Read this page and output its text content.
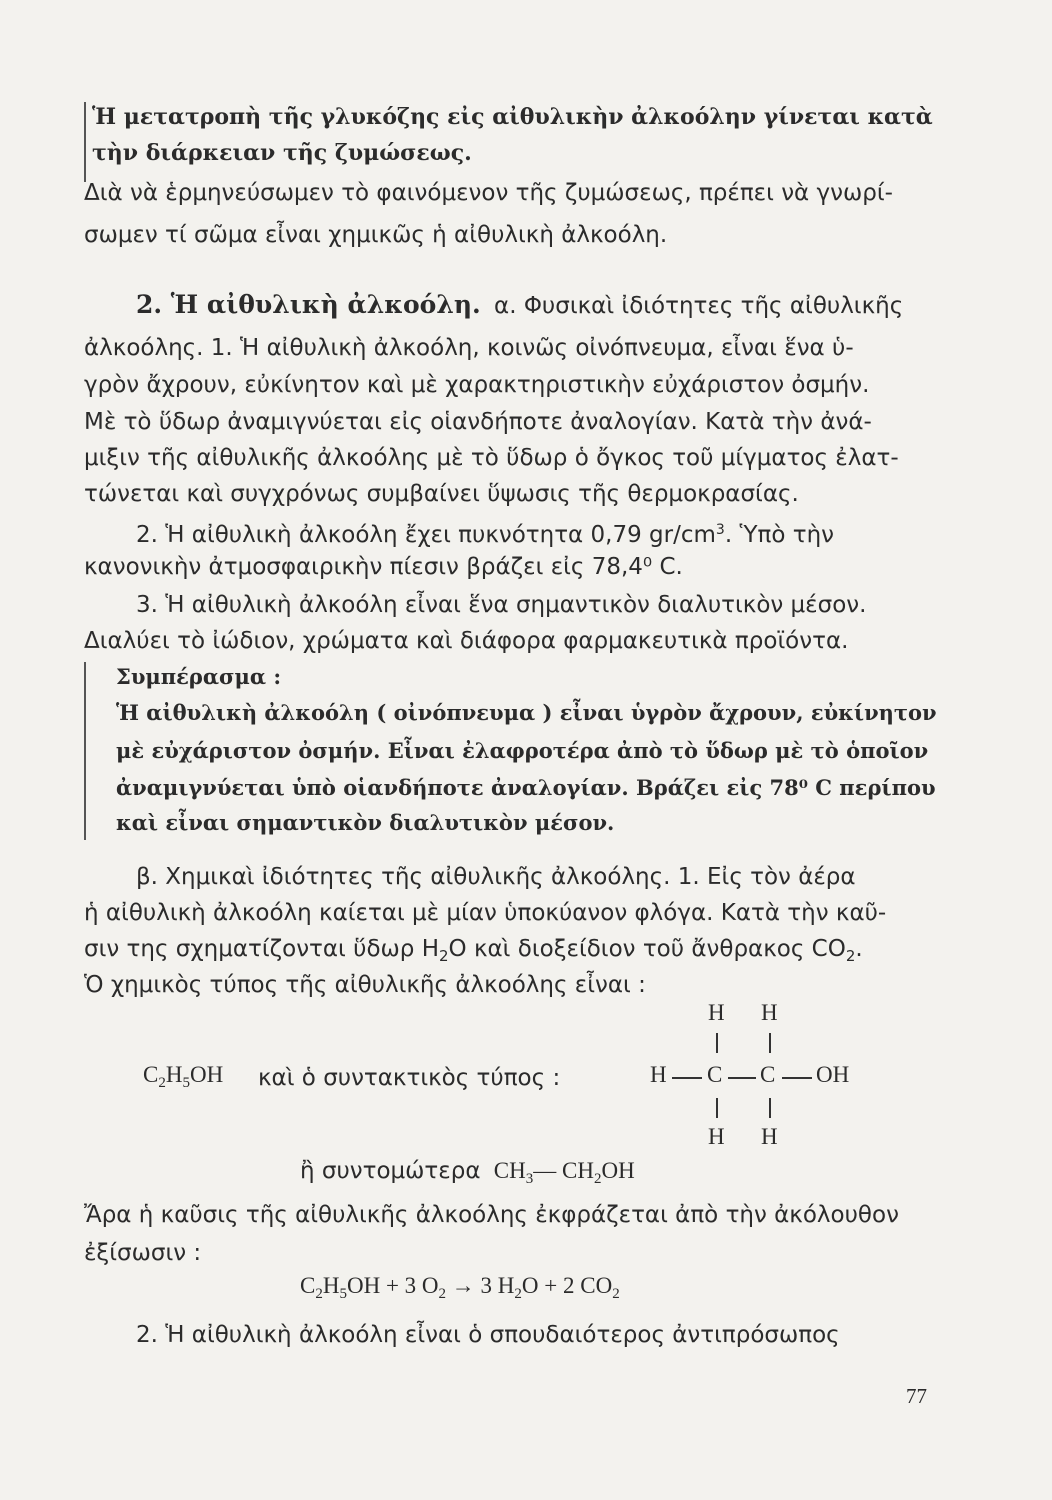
Ἡ μετατροπὴ τῆς γλυκόζης εἰς αἰθυλικὴν ἀλκοόλην γίνεται κατὰ
τὴν διάρκειαν τῆς ζυμώσεως.
Διὰ νὰ ἑρμηνεύσωμεν τὸ φαινόμενον τῆς ζυμώσεως, πρέπει νὰ γνωρί-
σωμεν τί σῶμα εἶναι χημικῶς ἡ αἰθυλικὴ ἀλκοόλη.
2. Ἡ αἰθυλικὴ ἀλκοόλη. α. Φυσικαὶ ἰδιότητες τῆς αἰθυλικῆς
ἀλκοόλης. 1. Ἡ αἰθυλικὴ ἀλκοόλη, κοινῶς οἰνόπνευμα, εἶναι ἕνα ὑ-
γρὸν ἄχρουν, εὐκίνητον καὶ μὲ χαρακτηριστικὴν εὐχάριστον ὀσμήν.
Μὲ τὸ ὕδωρ ἀναμιγνύεται εἰς οἱανδήποτε ἀναλογίαν. Κατὰ τὴν ἀνά-
μιξιν τῆς αἰθυλικῆς ἀλκοόλης μὲ τὸ ὕδωρ ὁ ὄγκος τοῦ μίγματος ἐλατ-
τώνεται καὶ συγχρόνως συμβαίνει ὕψωσις τῆς θερμοκρασίας.
2. Ἡ αἰθυλικὴ ἀλκοόλη ἔχει πυκνότητα 0,79 $gr/cm^3$. Ὑπὸ τὴν
κανονικὴν ἀτμοσφαιρικὴν πίεσιν βράζει εἰς 78,4⁰ C.
3. Ἡ αἰθυλικὴ ἀλκοόλη εἶναι ἕνα σημαντικὸν διαλυτικὸν μέσον.
Διαλύει τὸ ἰώδιον, χρώματα καὶ διάφορα φαρμακευτικὰ προϊόντα.
Συμπέρασμα :
Ἡ αἰθυλικὴ ἀλκοόλη ( οἰνόπνευμα ) εἶναι ὑγρὸν ἄχρουν, εὐκίνητον
μὲ εὐχάριστον ὀσμήν. Εἶναι ἐλαφροτέρα ἀπὸ τὸ ὕδωρ μὲ τὸ ὁποῖον
ἀναμιγνύεται ὑπὸ οἱανδήποτε ἀναλογίαν. Βράζει εἰς 78⁰ C περίπου
καὶ εἶναι σημαντικὸν διαλυτικὸν μέσον.
β. Χημικαὶ ἰδιότητες τῆς αἰθυλικῆς ἀλκοόλης. 1. Εἰς τὸν ἀέρα
ἡ αἰθυλικὴ ἀλκοόλη καίεται μὲ μίαν ὑποκύανον φλόγα. Κατὰ τὴν καῦ-
σιν της σχηματίζονται ὕδωρ $H_2O$ καὶ διοξείδιον τοῦ ἄνθρακος $CO_2$.
Ὁ χημικὸς τύπος τῆς αἰθυλικῆς ἀλκοόλης εἶναι :
$C_2H_5OH$ καὶ ὁ συντακτικὸς τύπος :
H H
H C C OH
H H
ἢ συντομώτερα $CH_3—$ $CH_2OH$
Ἄρα ἡ καῦσις τῆς αἰθυλικῆς ἀλκοόλης ἐκφράζεται ἀπὸ τὴν ἀκόλουθον
ἐξίσωσιν :
$C_2H_5OH + 3$ $O_2 \to 3$ $H_2O + 2$ $CO_2$
2. Ἡ αἰθυλικὴ ἀλκοόλη εἶναι ὁ σπουδαιότερος ἀντιπρόσωπος
77
